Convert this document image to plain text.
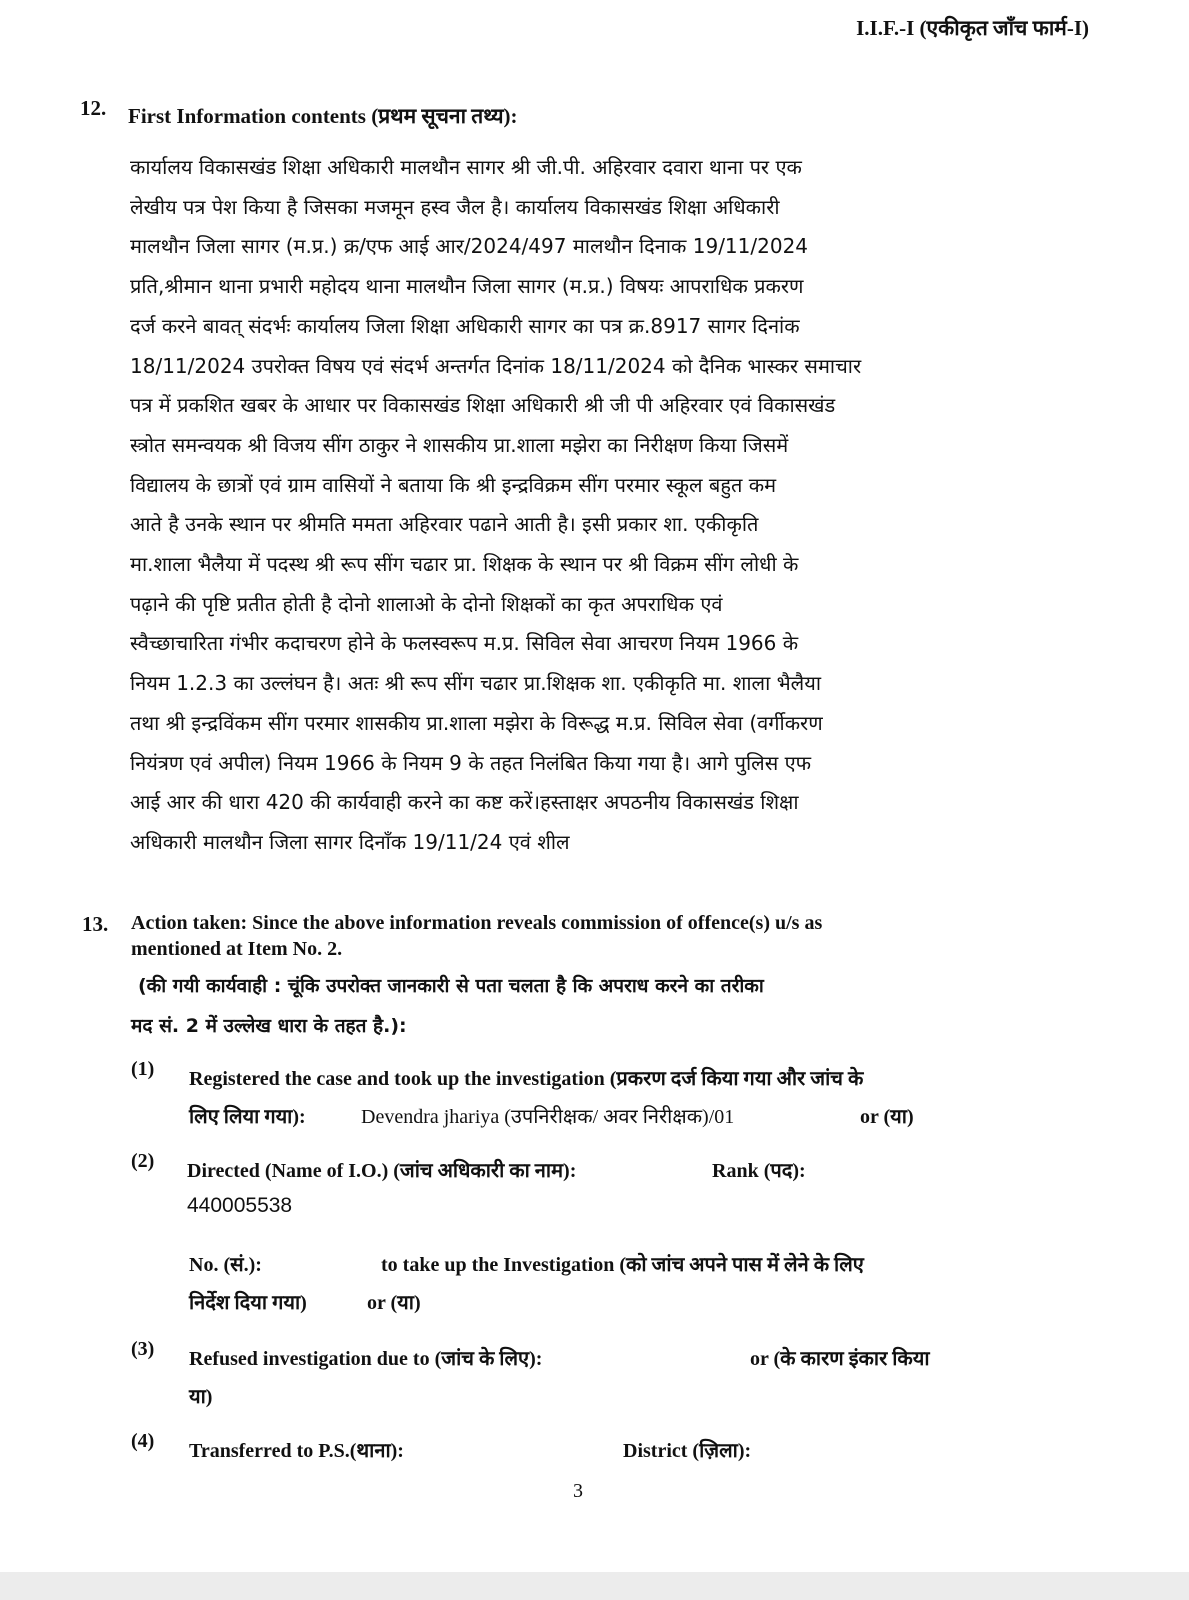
I.I.F.-I (एकीकृत जाँच फार्म-I)
12. First Information contents (प्रथम सूचना तथ्य):
कार्यालय विकासखंड शिक्षा अधिकारी मालथौन सागर श्री जी.पी. अहिरवार दवारा थाना पर एक
लेखीय पत्र पेश किया है जिसका मजमून हस्व जैल है। कार्यालय विकासखंड शिक्षा अधिकारी
मालथौन जिला सागर (म.प्र.) क्र/एफ आई आर/2024/497 मालथौन दिनाक 19/11/2024
प्रति,श्रीमान थाना प्रभारी महोदय थाना मालथौन जिला सागर (म.प्र.) विषयः आपराधिक प्रकरण
दर्ज करने बावत् संदर्भः कार्यालय जिला शिक्षा अधिकारी सागर का पत्र क्र.8917 सागर दिनांक
18/11/2024 उपरोक्त विषय एवं संदर्भ अन्तर्गत दिनांक 18/11/2024 को दैनिक भास्कर समाचार
पत्र में प्रकशित खबर के आधार पर विकासखंड शिक्षा अधिकारी श्री जी पी अहिरवार एवं विकासखंड
स्त्रोत समन्वयक श्री विजय सींग ठाकुर ने शासकीय प्रा.शाला मझेरा का निरीक्षण किया जिसमें
विद्यालय के छात्रों एवं ग्राम वासियों ने बताया कि श्री इन्द्रविक्रम सींग परमार स्कूल बहुत कम
आते है उनके स्थान पर श्रीमति ममता अहिरवार पढाने आती है। इसी प्रकार शा. एकीकृति
मा.शाला भैलैया में पदस्थ श्री रूप सींग चढार प्रा. शिक्षक के स्थान पर श्री विक्रम सींग लोधी के
पढ़ाने की पृष्टि प्रतीत होती है दोनो शालाओ के दोनो शिक्षकों का कृत अपराधिक एवं
स्वैच्छाचारिता गंभीर कदाचरण होने के फलस्वरूप म.प्र. सिविल सेवा आचरण नियम 1966 के
नियम 1.2.3 का उल्लंघन है। अतः श्री रूप सींग चढार प्रा.शिक्षक शा. एकीकृति मा. शाला भैलैया
तथा श्री इन्द्रविंकम सींग परमार शासकीय प्रा.शाला मझेरा के विरूद्ध म.प्र. सिविल सेवा (वर्गीकरण
नियंत्रण एवं अपील) नियम 1966 के नियम 9 के तहत निलंबित किया गया है। आगे पुलिस एफ
आई आर की धारा 420 की कार्यवाही करने का कष्ट करें।हस्ताक्षर अपठनीय विकासखंड शिक्षा
अधिकारी मालथौन जिला सागर दिनाँक 19/11/24 एवं शील
13. Action taken: Since the above information reveals commission of offence(s) u/s as
mentioned at Item No. 2.
(की गयी कार्यवाही : चूंकि उपरोक्त जानकारी से पता चलता है कि अपराध करने का तरीका
मद सं. 2 में उल्लेख धारा के तहत है.):
(1) Registered the case and took up the investigation (प्रकरण दर्ज किया गया और जांच के
लिए लिया गया):	Devendra jhariya (उपनिरीक्षक/ अवर निरीक्षक)/01	or (या)
(2) Directed (Name of I.O.) (जांच अधिकारी का नाम):	Rank (पद):
440005538
No. (सं.):	to take up the Investigation (को जांच अपने पास में लेने के लिए
निर्देश दिया गया)	or (या)
(3) Refused investigation due to (जांच के लिए):	or (के कारण इंकार किया
या)
(4) Transferred to P.S.(थाना):	District (ज़िला):
3
